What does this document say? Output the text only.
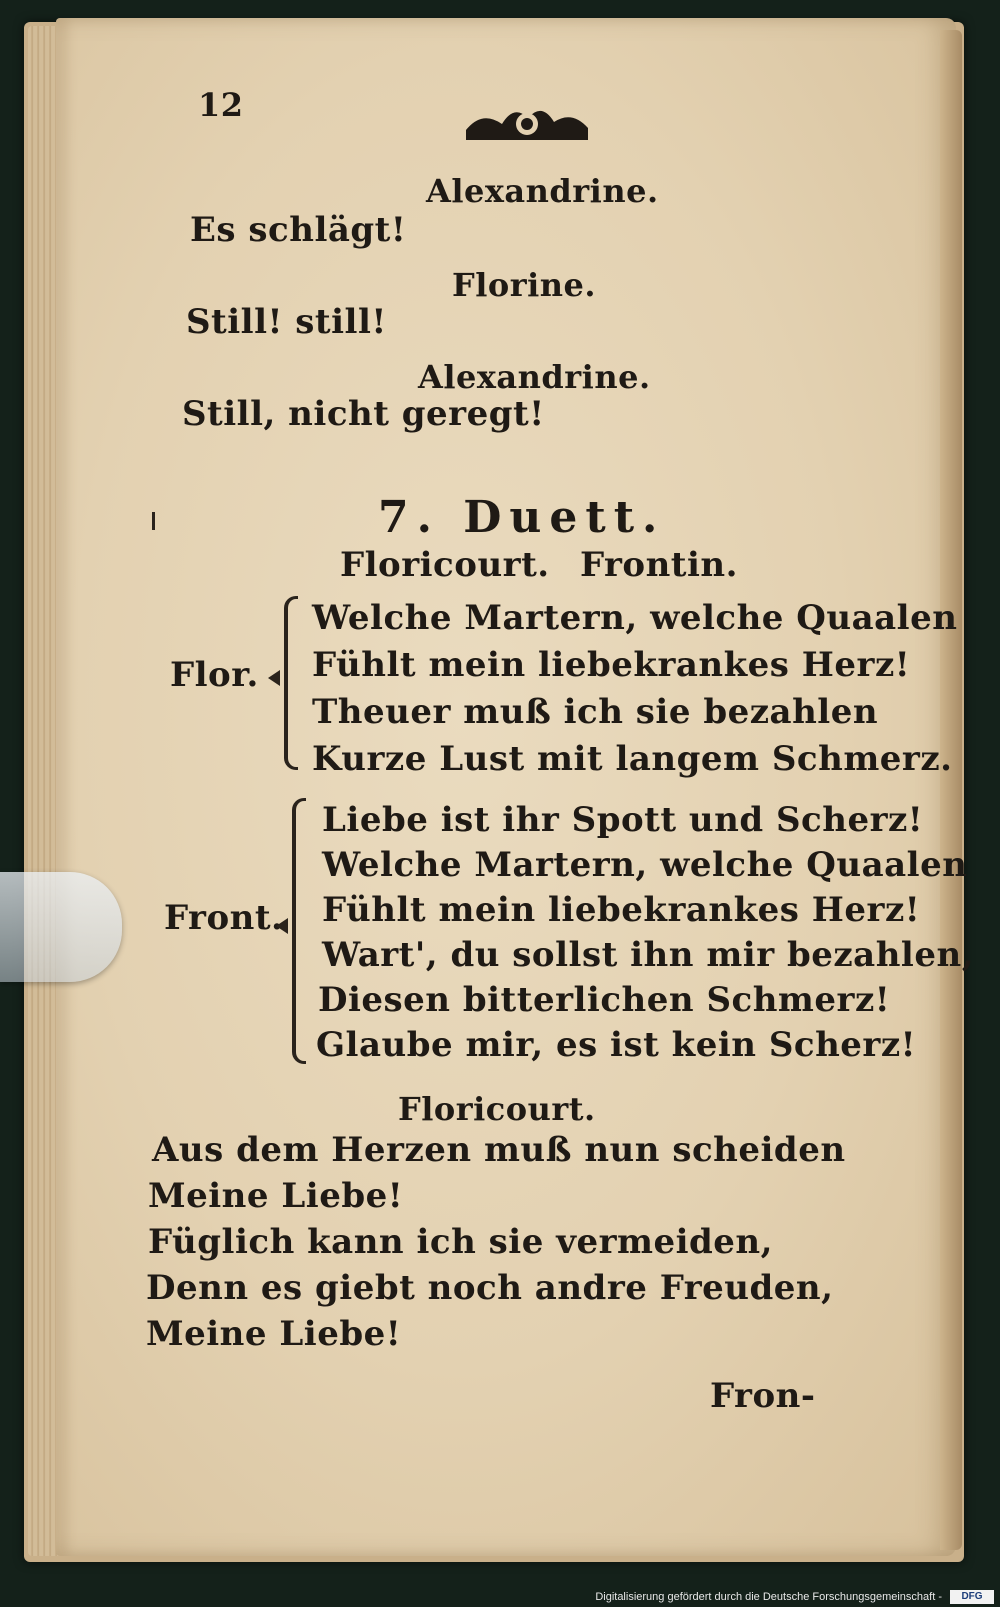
12
Alexandrine.
Es schlägt!
Florine.
Still! still!
Alexandrine.
Still, nicht geregt!
7. Duett.
Floricourt. Frontin.
Flor.
Welche Martern, welche Quaalen
Fühlt mein liebekrankes Herz!
Theuer muß ich sie bezahlen
Kurze Lust mit langem Schmerz.
Front.
Liebe ist ihr Spott und Scherz!
Welche Martern, welche Quaalen
Fühlt mein liebekrankes Herz!
Wart', du sollst ihn mir bezahlen,
Diesen bitterlichen Schmerz!
Glaube mir, es ist kein Scherz!
Floricourt.
Aus dem Herzen muß nun scheiden
Meine Liebe!
Füglich kann ich sie vermeiden,
Denn es giebt noch andre Freuden,
Meine Liebe!
Fron-
Digitalisierung gefördert durch die Deutsche Forschungsgemeinschaft -	DFG
